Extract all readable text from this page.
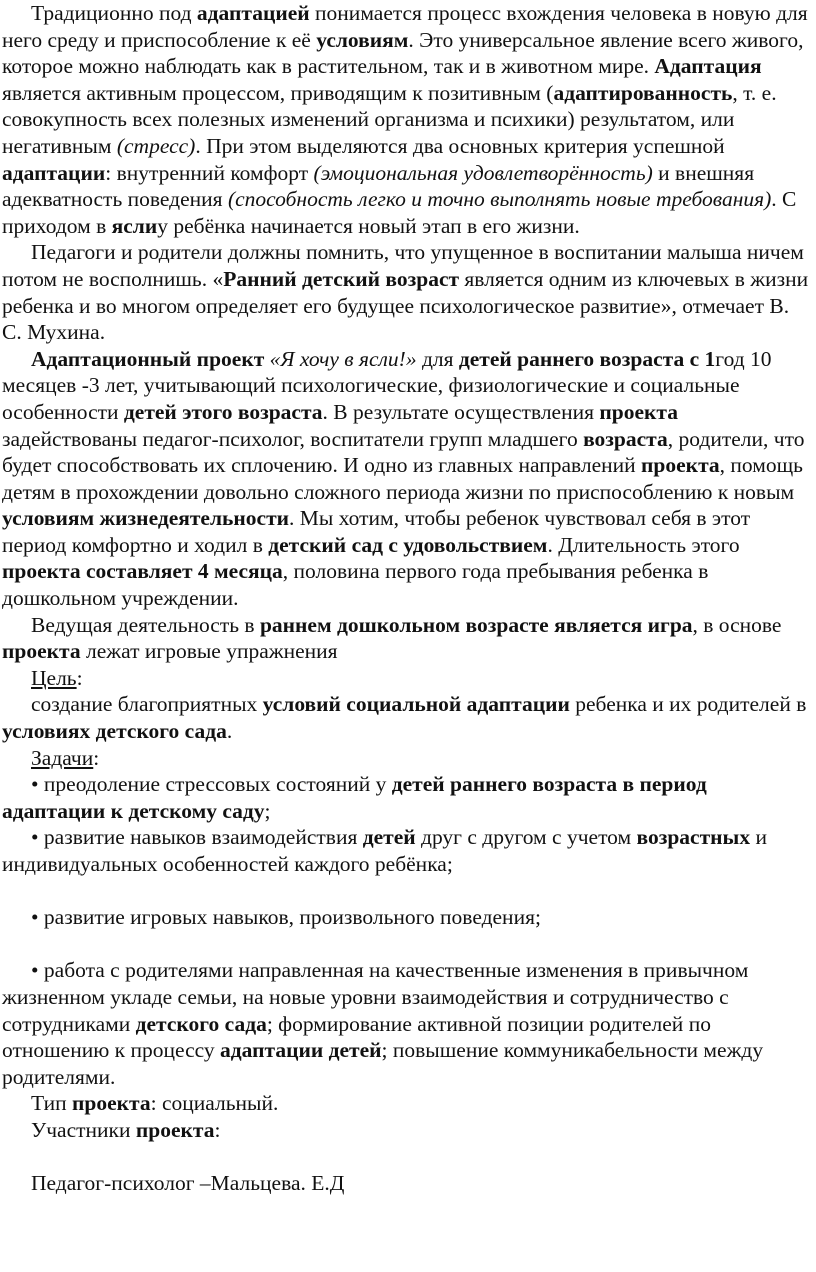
Традиционно под адаптацией понимается процесс вхождения человека в новую для него среду и приспособление к её условиям. Это универсальное явление всего живого, которое можно наблюдать как в растительном, так и в животном мире. Адаптация является активным процессом, приводящим к позитивным (адаптированность, т. е. совокупность всех полезных изменений организма и психики) результатом, или негативным (стресс). При этом выделяются два основных критерия успешной адаптации: внутренний комфорт (эмоциональная удовлетворённость) и внешняя адекватность поведения (способность легко и точно выполнять новые требования). С приходом в яслиу ребёнка начинается новый этап в его жизни.

Педагоги и родители должны помнить, что упущенное в воспитании малыша ничем потом не восполнишь. «Ранний детский возраст является одним из ключевых в жизни ребенка и во многом определяет его будущее психологическое развитие», отмечает В. С. Мухина.

Адаптационный проект «Я хочу в ясли!» для детей раннего возраста с 1год 10 месяцев -3 лет, учитывающий психологические, физиологические и социальные особенности детей этого возраста. В результате осуществления проекта задействованы педагог-психолог, воспитатели групп младшего возраста, родители, что будет способствовать их сплочению. И одно из главных направлений проекта, помощь детям в прохождении довольно сложного периода жизни по приспособлению к новым условиям жизнедеятельности. Мы хотим, чтобы ребенок чувствовал себя в этот период комфортно и ходил в детский сад с удовольствием. Длительность этого проекта составляет 4 месяца, половина первого года пребывания ребенка в дошкольном учреждении.

Ведущая деятельность в раннем дошкольном возрасте является игра, в основе проекта лежат игровые упражнения

Цель:

создание благоприятных условий социальной адаптации ребенка и их родителей в условиях детского сада.

Задачи:

• преодоление стрессовых состояний у детей раннего возраста в период адаптации к детскому саду;

• развитие навыков взаимодействия детей друг с другом с учетом возрастных и индивидуальных особенностей каждого ребёнка;

• развитие игровых навыков, произвольного поведения;

• работа с родителями направленная на качественные изменения в привычном жизненном укладе семьи, на новые уровни взаимодействия и сотрудничество с сотрудниками детского сада; формирование активной позиции родителей по отношению к процессу адаптации детей; повышение коммуникабельности между родителями.

Тип проекта: социальный.

Участники проекта:

Педагог-психолог –Мальцева. Е.Д
